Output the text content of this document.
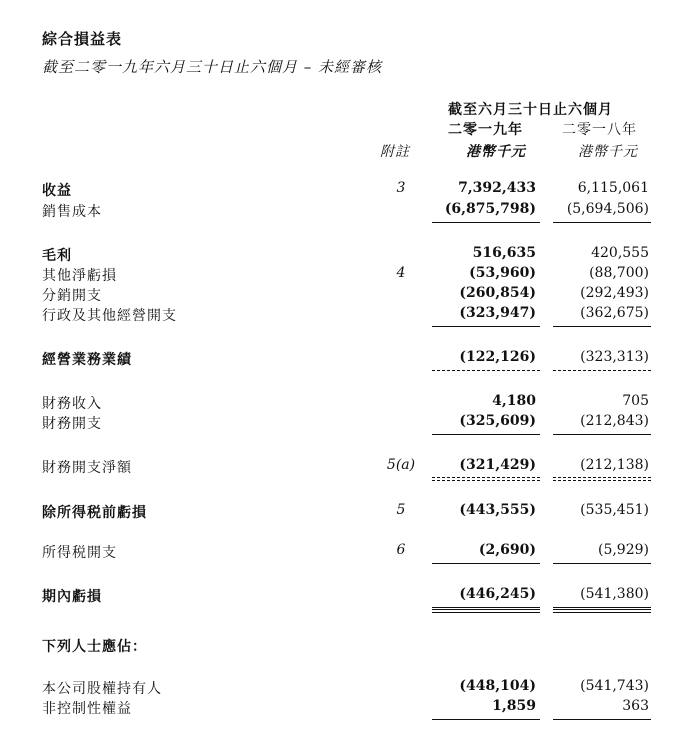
綜合損益表
截至二零一九年六月三十日止六個月 – 未經審核
截至六月三十日止六個月
二零一九年	二零一八年
附註	港幣千元	港幣千元
收益	3	7,392,433	6,115,061
銷售成本	(6,875,798) (5,694,506)
毛利	516,635	420,555
其他淨虧損	4	(53,960)	(88,700)
分銷開支	(260,854)	(292,493)
行政及其他經營開支	(323,947)	(362,675)
經營業務業績	(122,126)	(323,313)
財務收入	4,180	705
財務開支	(325,609)	(212,843)
財務開支淨額	5(a)	(321,429)	(212,138)
除所得税前虧損	5	(443,555)	(535,451)
所得税開支	6	(2,690)	(5,929)
期內虧損	(446,245)	(541,380)
下列人士應佔：
本公司股權持有人	(448,104)	(541,743)
非控制性權益	1,859	363
